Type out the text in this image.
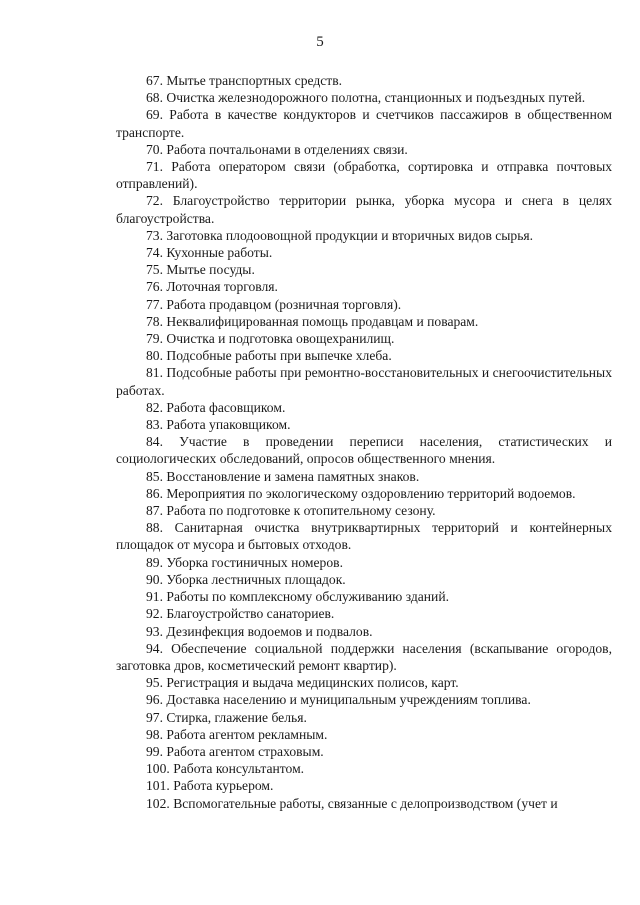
5

67. Мытье транспортных средств.

68. Очистка железнодорожного полотна, станционных и подъездных путей.

69. Работа в качестве кондукторов и счетчиков пассажиров в общественном транспорте.

70. Работа почтальонами в отделениях связи.

71. Работа оператором связи (обработка, сортировка и отправка почтовых отправлений).

72. Благоустройство территории рынка, уборка мусора и снега в целях благоустройства.

73. Заготовка плодоовощной продукции и вторичных видов сырья.

74. Кухонные работы.

75. Мытье посуды.

76. Лоточная торговля.

77. Работа продавцом (розничная торговля).

78. Неквалифицированная помощь продавцам и поварам.

79. Очистка и подготовка овощехранилищ.

80. Подсобные работы при выпечке хлеба.

81. Подсобные работы при ремонтно-восстановительных и снегоочистительных работах.

82. Работа фасовщиком.

83. Работа упаковщиком.

84. Участие в проведении переписи населения, статистических и социологических обследований, опросов общественного мнения.

85. Восстановление и замена памятных знаков.

86. Мероприятия по экологическому оздоровлению территорий водоемов.

87. Работа по подготовке к отопительному сезону.

88. Санитарная очистка внутриквартирных территорий и контейнерных площадок от мусора и бытовых отходов.

89. Уборка гостиничных номеров.

90. Уборка лестничных площадок.

91. Работы по комплексному обслуживанию зданий.

92. Благоустройство санаториев.

93. Дезинфекция водоемов и подвалов.

94. Обеспечение социальной поддержки населения (вскапывание огородов, заготовка дров, косметический ремонт квартир).

95. Регистрация и выдача медицинских полисов, карт.

96. Доставка населению и муниципальным учреждениям топлива.

97. Стирка, глажение белья.

98. Работа агентом рекламным.

99. Работа агентом страховым.

100. Работа консультантом.

101. Работа курьером.

102. Вспомогательные работы, связанные с делопроизводством (учет и
